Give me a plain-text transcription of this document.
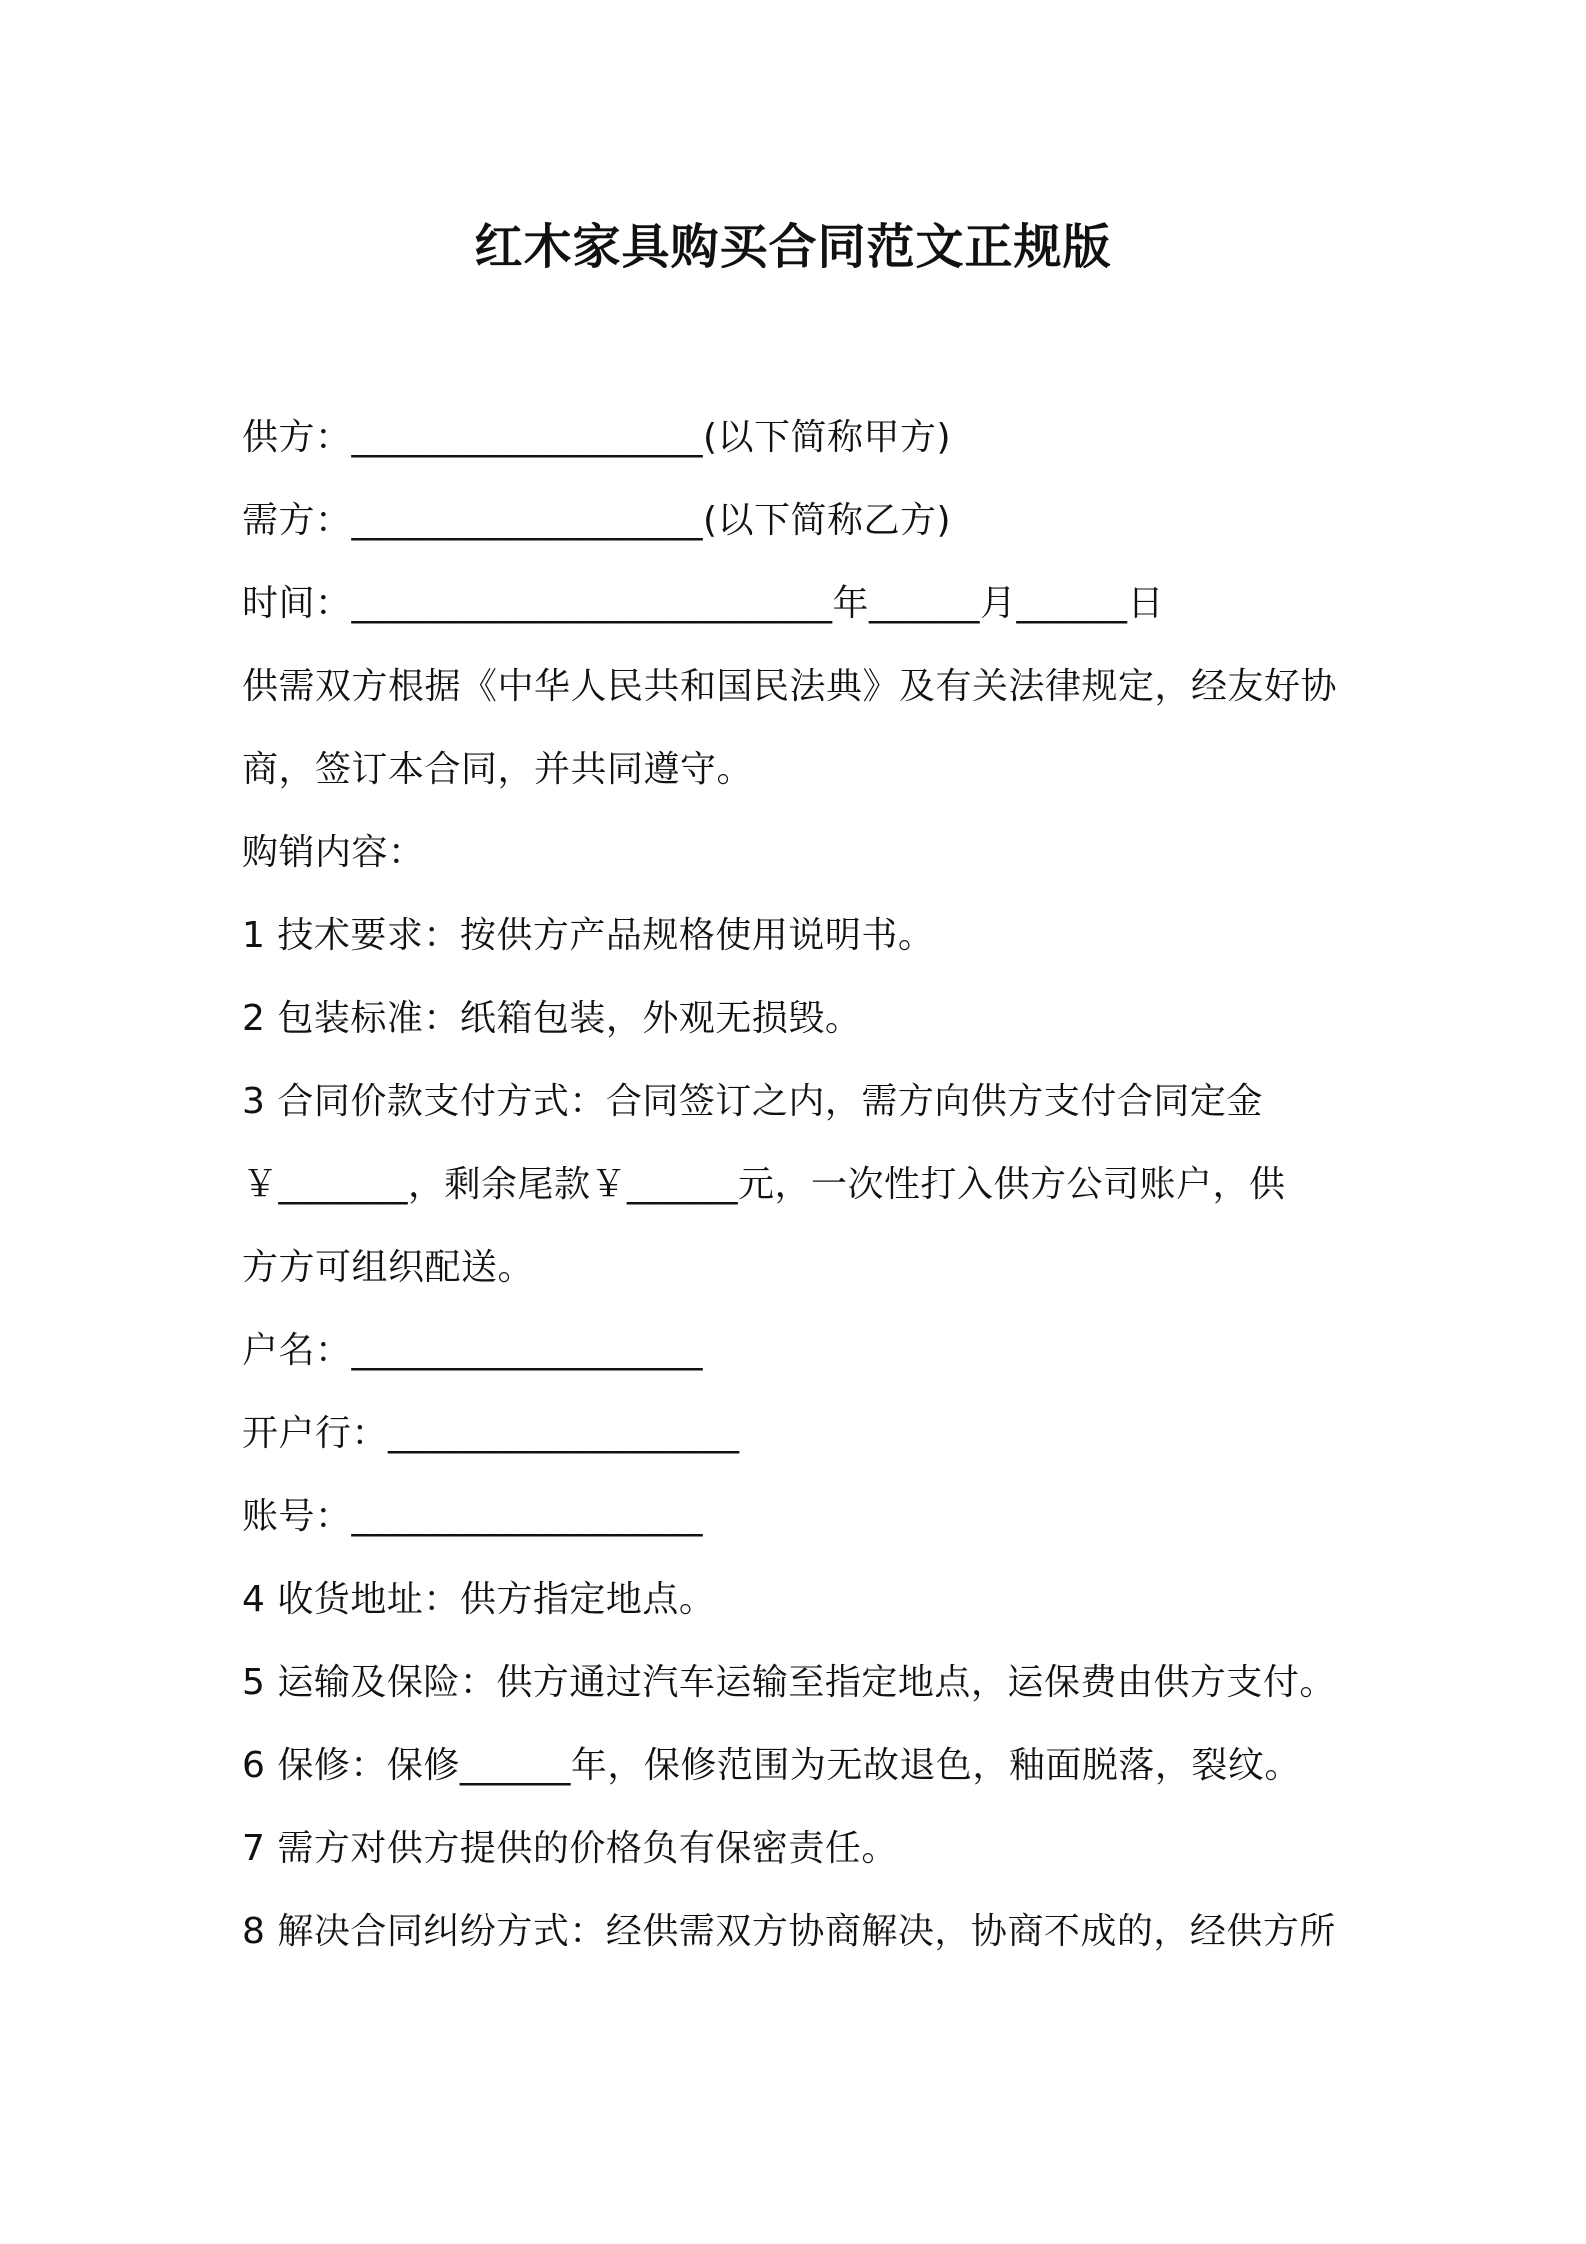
红木家具购买合同范文正规版
供方：___________________(以下简称甲方)
需方：___________________(以下简称乙方)
时间：__________________________年______月______日
供需双方根据《中华人民共和国民法典》及有关法律规定，经友好协
商，签订本合同，并共同遵守。
购销内容：
1 技术要求：按供方产品规格使用说明书。
2 包装标准：纸箱包装，外观无损毁。
3 合同价款支付方式：合同签订之内，需方向供方支付合同定金
￥_______，剩余尾款￥______元，一次性打入供方公司账户，供
方方可组织配送。
户名：___________________
开户行：___________________
账号：___________________
4 收货地址：供方指定地点。
5 运输及保险：供方通过汽车运输至指定地点，运保费由供方支付。
6 保修：保修______年，保修范围为无故退色，釉面脱落，裂纹。
7 需方对供方提供的价格负有保密责任。
8 解决合同纠纷方式：经供需双方协商解决，协商不成的，经供方所
